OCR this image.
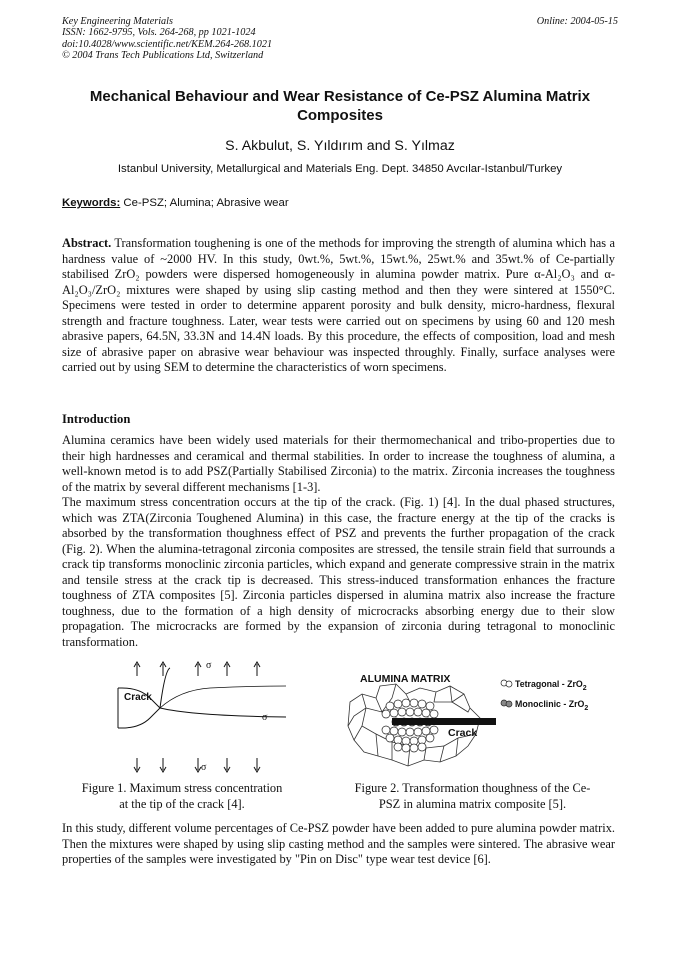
Key Engineering Materials
ISSN: 1662-9795, Vols. 264-268, pp 1021-1024
doi:10.4028/www.scientific.net/KEM.264-268.1021
© 2004 Trans Tech Publications Ltd, Switzerland
Online: 2004-05-15
Mechanical Behaviour and Wear Resistance of Ce-PSZ Alumina Matrix Composites
S. Akbulut, S. Yıldırım and S. Yılmaz
Istanbul University, Metallurgical and Materials Eng. Dept. 34850 Avcılar-Istanbul/Turkey
Keywords: Ce-PSZ; Alumina; Abrasive wear

Abstract. Transformation toughening is one of the methods for improving the strength of alumina which has a hardness value of ~2000 HV. In this study, 0wt.%, 5wt.%, 15wt.%, 25wt.% and 35wt.% of Ce-partially stabilised ZrO₂ powders were dispersed homogeneously in alumina powder matrix. Pure α-Al₂O₃ and α-Al₂O₃/ZrO₂ mixtures were shaped by using slip casting method and then they were sintered at 1550°C. Specimens were tested in order to determine apparent porosity and bulk density, micro-hardness, flexural strength and fracture toughness. Later, wear tests were carried out on specimens by using 60 and 120 mesh abrasive papers, 64.5N, 33.3N and 14.4N loads. By this procedure, the effects of composition, load and mesh size of abrasive paper on abrasive wear behaviour was inspected throughly. Finally, surface analyses were carried out by using SEM to determine the characteristics of worn specimens.

Introduction
Alumina ceramics have been widely used materials for their thermomechanical and tribo-properties due to their high hardnesses and ceramical and thermal stabilities. In order to increase the toughness of alumina, a well-known metod is to add PSZ(Partially Stabilised Zirconia) to the matrix. Zirconia increases the toughness of the matrix by several different mechanisms [1-3].
The maximum stress concentration occurs at the tip of the crack. (Fig. 1) [4]. In the dual phased structures, which was ZTA(Zirconia Toughened Alumina) in this case, the fracture energy at the tip of the cracks is absorbed by the transformation thoughness effect of PSZ and prevents the further propagation of the crack (Fig. 2). When the alumina-tetragonal zirconia composites are stressed, the tensile strain field that surrounds a crack tip transforms monoclinic zirconia particles, which expand and generate compressive strain in the matrix and tensile stress at the crack tip is decreased. This stress-induced transformation enhances the fracture toughness of ZTA composites [5]. Zirconia particles dispersed in alumina matrix also increase the fracture toughness, due to the formation of a high density of microcracks absorbing energy due to their slow propagation. The microcracks are formed by the expansion of zirconia during tetragonal to monoclinic transformation.
Crack
σ
σ
σ
ALUMINA MATRIX
Crack
Tetragonal - ZrO$_2$
Monoclinic - ZrO$_2$
Figure 1. Maximum stress concentration
at the tip of the crack [4].
Figure 2. Transformation thoughness of the Ce-
PSZ in alumina matrix composite [5].
In this study, different volume percentages of Ce-PSZ powder have been added to pure alumina powder matrix. Then the mixtures were shaped by using slip casting method and the samples were sintered. The abrasive wear properties of the samples were investigated by "Pin on Disc" type wear test device [6].
